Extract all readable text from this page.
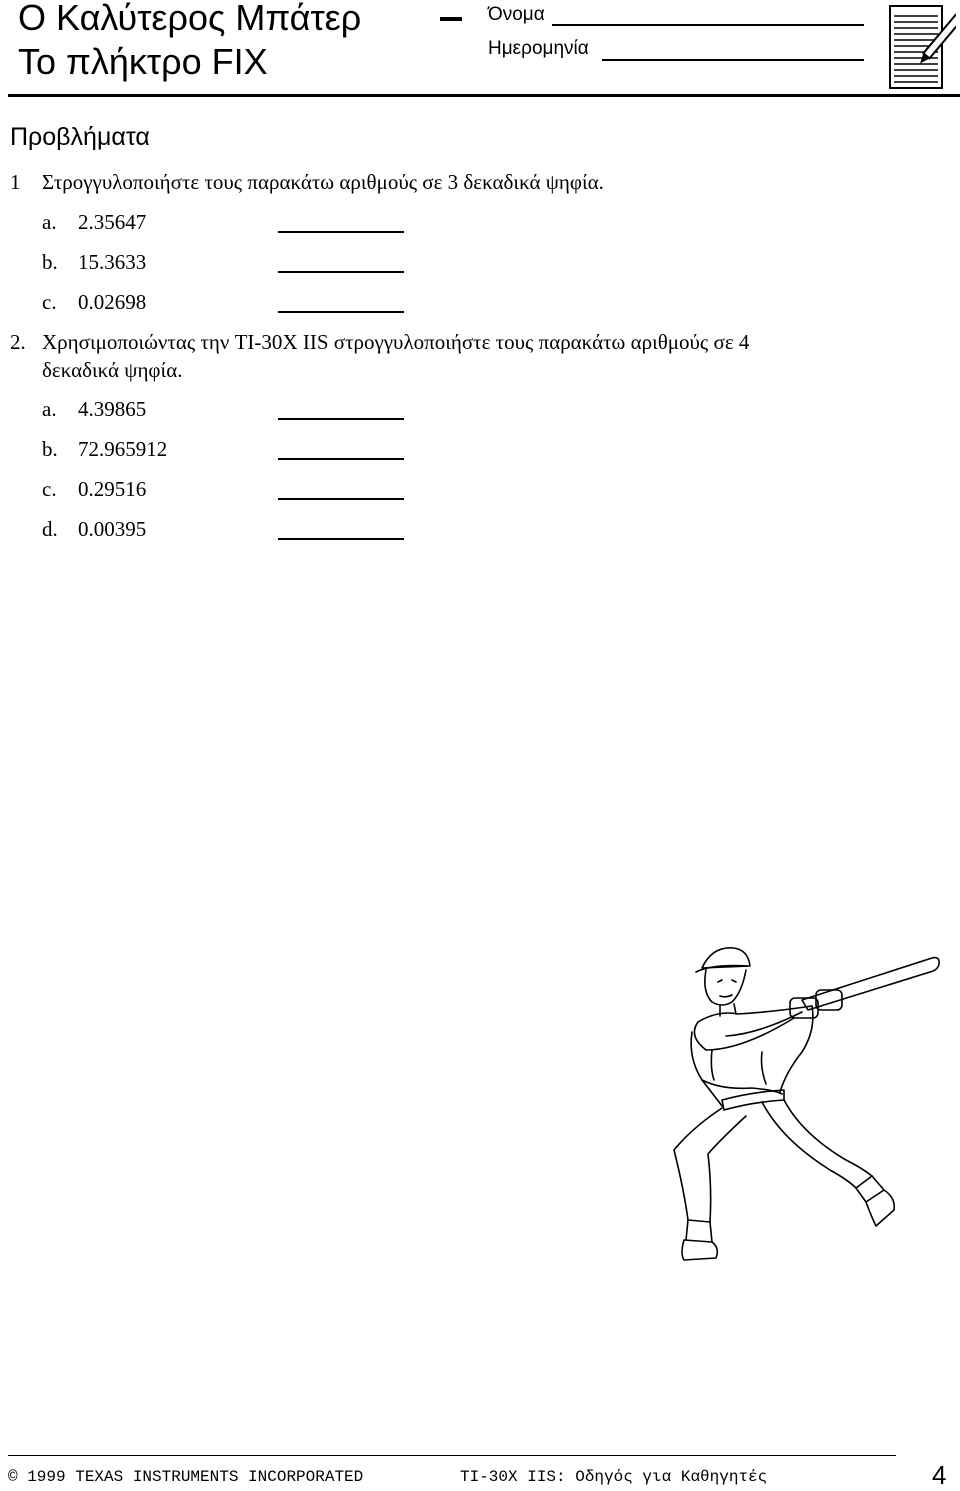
Ο Καλύτερος Μπάτερ
Το πλήκτρο FIX
Όνομα
Ημερομηνία
Προβλήματα
1 Στρογγυλοποιήστε τους παρακάτω αριθμούς σε 3 δεκαδικά ψηφία.
a.	2.35647
b. 15.3633
c.	0.02698
2. Χρησιμοποιώντας την TI-30X IIS στρογγυλοποιήστε τους παρακάτω αριθμούς σε 4
δεκαδικά ψηφία.
a.	4.39865
b. 72.965912
c.	0.29516
d. 0.00395
© 1999 TEXAS INSTRUMENTS INCORPORATED	TI-30X IIS: Οδηγός για Καθηγητές	4
